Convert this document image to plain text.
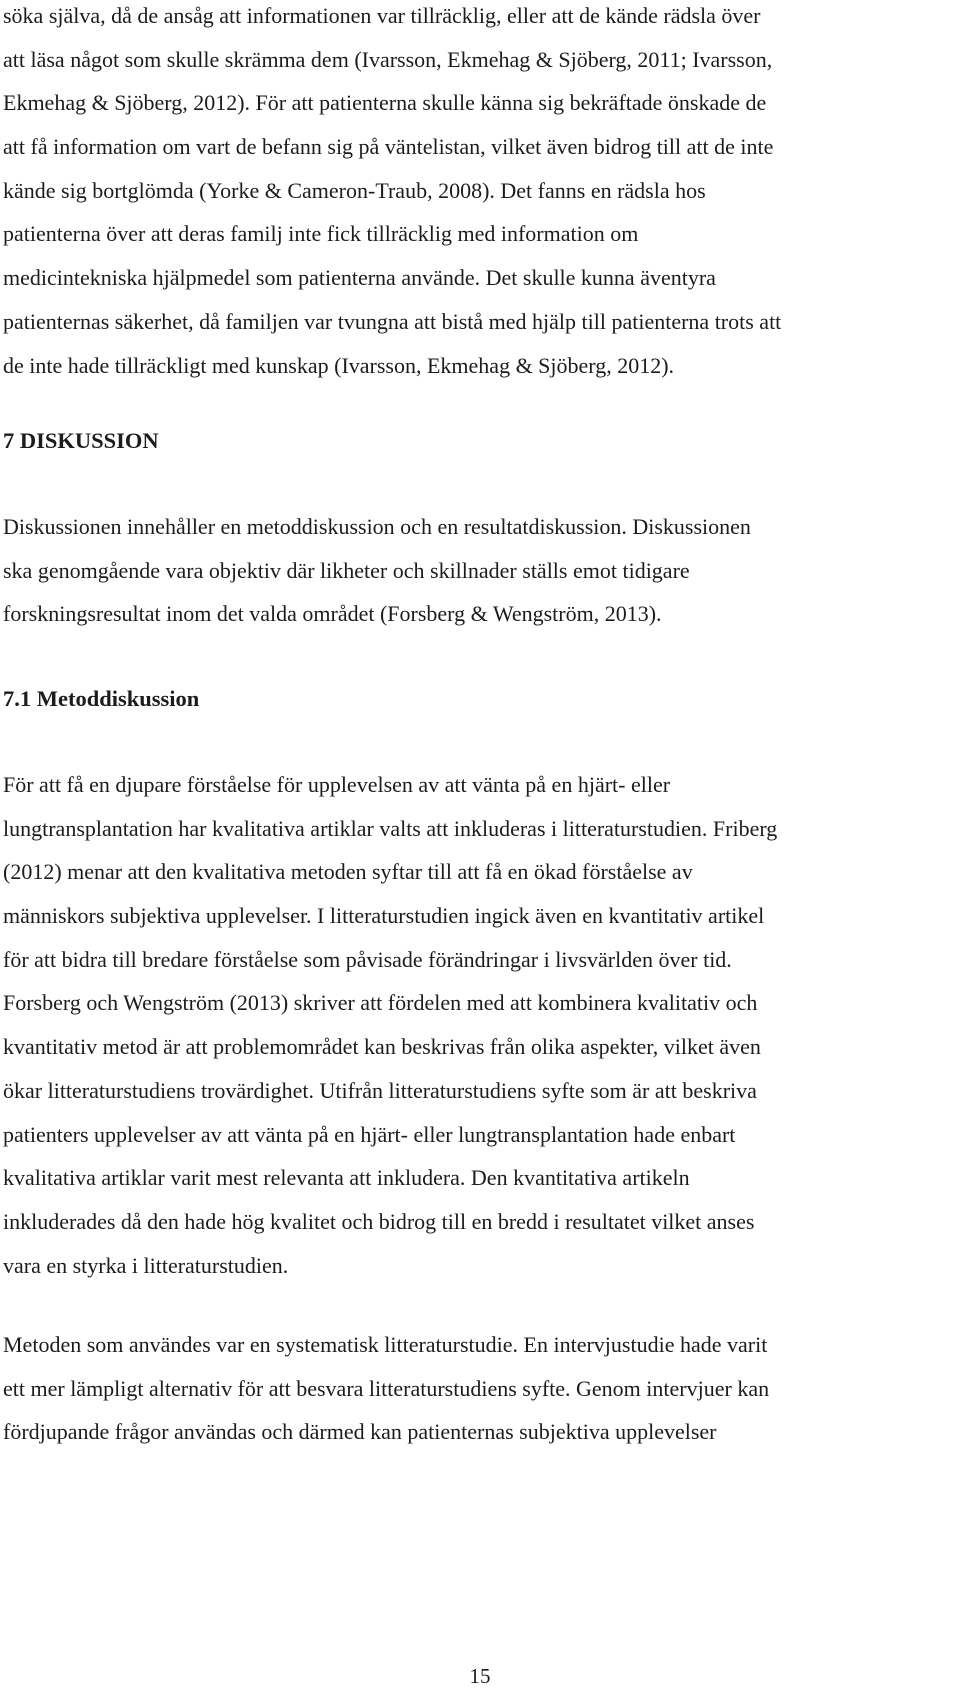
söka själva, då de ansåg att informationen var tillräcklig, eller att de kände rädsla över
att läsa något som skulle skrämma dem (Ivarsson, Ekmehag & Sjöberg, 2011; Ivarsson,
Ekmehag & Sjöberg, 2012). För att patienterna skulle känna sig bekräftade önskade de
att få information om vart de befann sig på väntelistan, vilket även bidrog till att de inte
kände sig bortglömda (Yorke & Cameron-Traub, 2008). Det fanns en rädsla hos
patienterna över att deras familj inte fick tillräcklig med information om
medicintekniska hjälpmedel som patienterna använde. Det skulle kunna äventyra
patienternas säkerhet, då familjen var tvungna att bistå med hjälp till patienterna trots att
de inte hade tillräckligt med kunskap (Ivarsson, Ekmehag & Sjöberg, 2012).
7 DISKUSSION
Diskussionen innehåller en metoddiskussion och en resultatdiskussion. Diskussionen
ska genomgående vara objektiv där likheter och skillnader ställs emot tidigare
forskningsresultat inom det valda området (Forsberg & Wengström, 2013).
7.1 Metoddiskussion
För att få en djupare förståelse för upplevelsen av att vänta på en hjärt- eller
lungtransplantation har kvalitativa artiklar valts att inkluderas i litteraturstudien. Friberg
(2012) menar att den kvalitativa metoden syftar till att få en ökad förståelse av
människors subjektiva upplevelser. I litteraturstudien ingick även en kvantitativ artikel
för att bidra till bredare förståelse som påvisade förändringar i livsvärlden över tid.
Forsberg och Wengström (2013) skriver att fördelen med att kombinera kvalitativ och
kvantitativ metod är att problemområdet kan beskrivas från olika aspekter, vilket även
ökar litteraturstudiens trovärdighet. Utifrån litteraturstudiens syfte som är att beskriva
patienters upplevelser av att vänta på en hjärt- eller lungtransplantation hade enbart
kvalitativa artiklar varit mest relevanta att inkludera. Den kvantitativa artikeln
inkluderades då den hade hög kvalitet och bidrog till en bredd i resultatet vilket anses
vara en styrka i litteraturstudien.
Metoden som användes var en systematisk litteraturstudie. En intervjustudie hade varit
ett mer lämpligt alternativ för att besvara litteraturstudiens syfte. Genom intervjuer kan
fördjupande frågor användas och därmed kan patienternas subjektiva upplevelser
15
